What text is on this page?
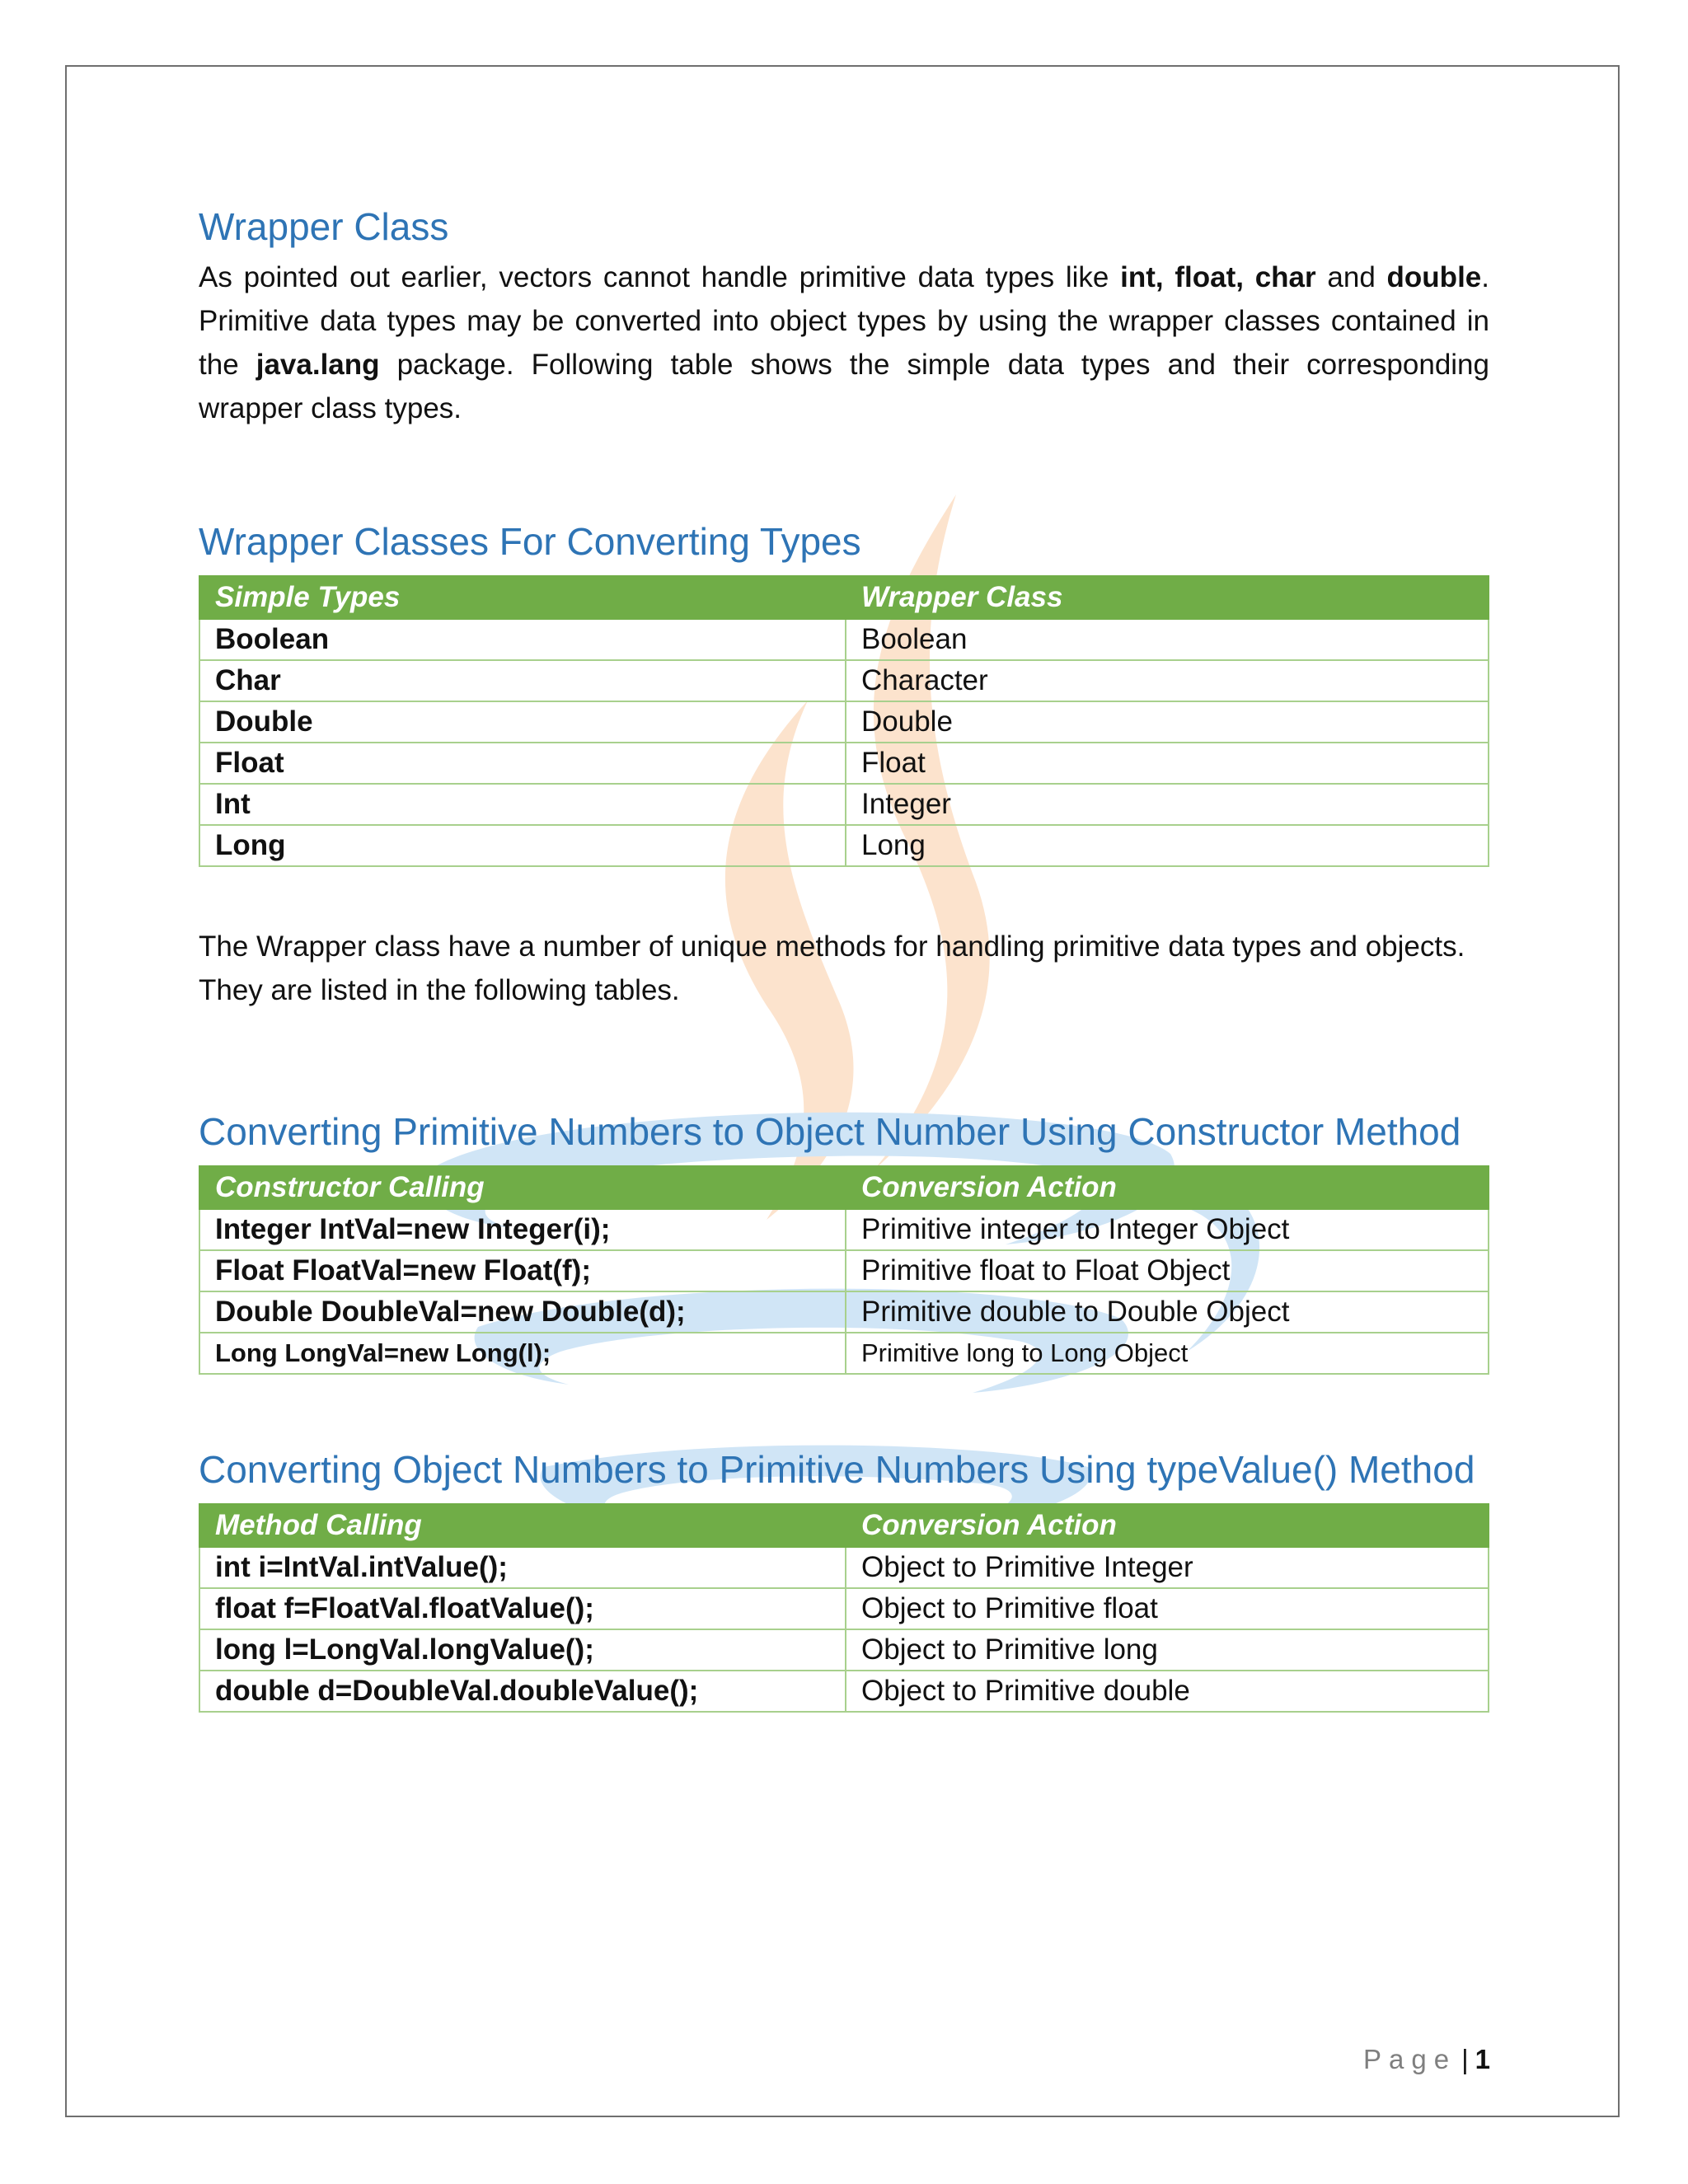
Wrapper Class

As pointed out earlier, vectors cannot handle primitive data types like int, float, char and double. Primitive data types may be converted into object types by using the wrapper classes contained in the java.lang package. Following table shows the simple data types and their corresponding wrapper class types.

Wrapper Classes For Converting Types
Simple Types	Wrapper Class
Boolean	Boolean
Char	Character
Double	Double
Float	Float
Int	Integer
Long	Long

The Wrapper class have a number of unique methods for handling primitive data types and objects. They are listed in the following tables.

Converting Primitive Numbers to Object Number Using Constructor Method
Constructor Calling	Conversion Action
Integer IntVal=new Integer(i);	Primitive integer to Integer Object
Float FloatVal=new Float(f);	Primitive float to Float Object
Double DoubleVal=new Double(d);	Primitive double to Double Object
Long LongVal=new Long(l);	Primitive long to Long Object
Converting Object Numbers to Primitive Numbers Using typeValue() Method
Method Calling	Conversion Action
int i=IntVal.intValue();	Object to Primitive Integer
float f=FloatVal.floatValue();	Object to Primitive float
long l=LongVal.longValue();	Object to Primitive long
double d=DoubleVal.doubleValue();	Object to Primitive double
Page | 1
